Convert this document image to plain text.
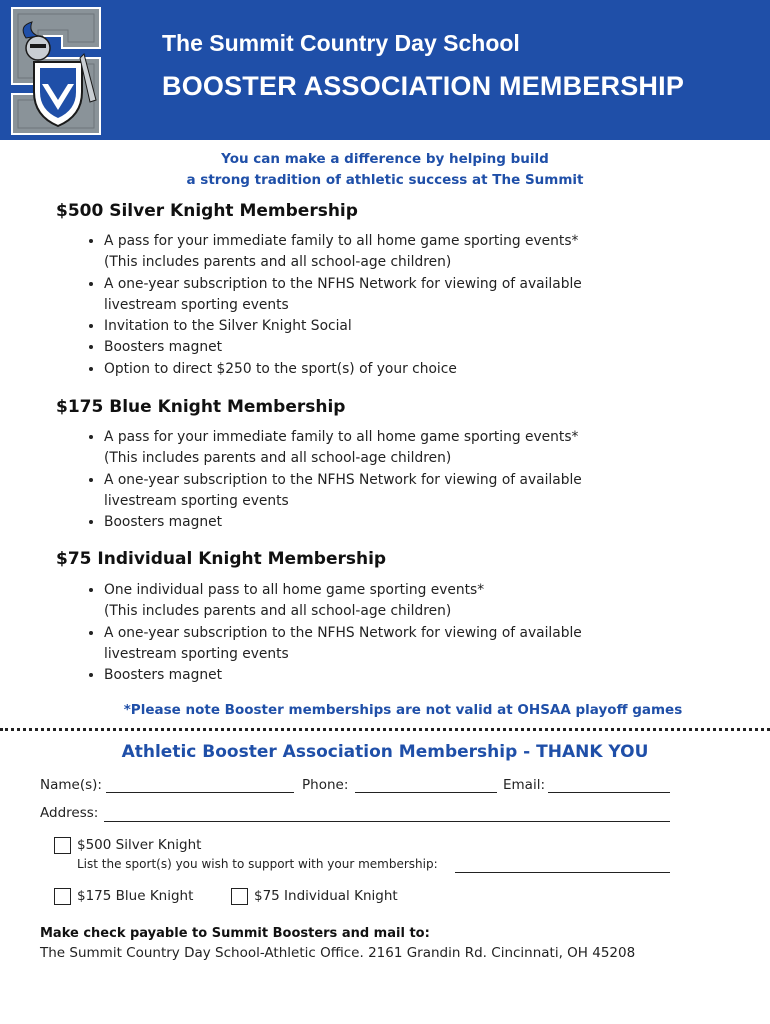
The Summit Country Day School
BOOSTER ASSOCIATION MEMBERSHIP
You can make a difference by helping build
a strong tradition of athletic success at The Summit
$500 Silver Knight Membership
• A pass for your immediate family to all home game sporting events*
(This includes parents and all school-age children)
• A one-year subscription to the NFHS Network for viewing of available
livestream sporting events
• Invitation to the Silver Knight Social
• Boosters magnet
• Option to direct $250 to the sport(s) of your choice
$175 Blue Knight Membership
• A pass for your immediate family to all home game sporting events*
(This includes parents and all school-age children)
• A one-year subscription to the NFHS Network for viewing of available
livestream sporting events
• Boosters magnet
$75 Individual Knight Membership
• One individual pass to all home game sporting events*
(This includes parents and all school-age children)
• A one-year subscription to the NFHS Network for viewing of available
livestream sporting events
• Boosters magnet
*Please note Booster memberships are not valid at OHSAA playoff games
Athletic Booster Association Membership - THANK YOU
Name(s):	Phone:	Email:
Address:
$500 Silver Knight
List the sport(s) you wish to support with your membership:
$175 Blue Knight	$75 Individual Knight
Make check payable to Summit Boosters and mail to:
The Summit Country Day School-Athletic Office. 2161 Grandin Rd. Cincinnati, OH 45208
